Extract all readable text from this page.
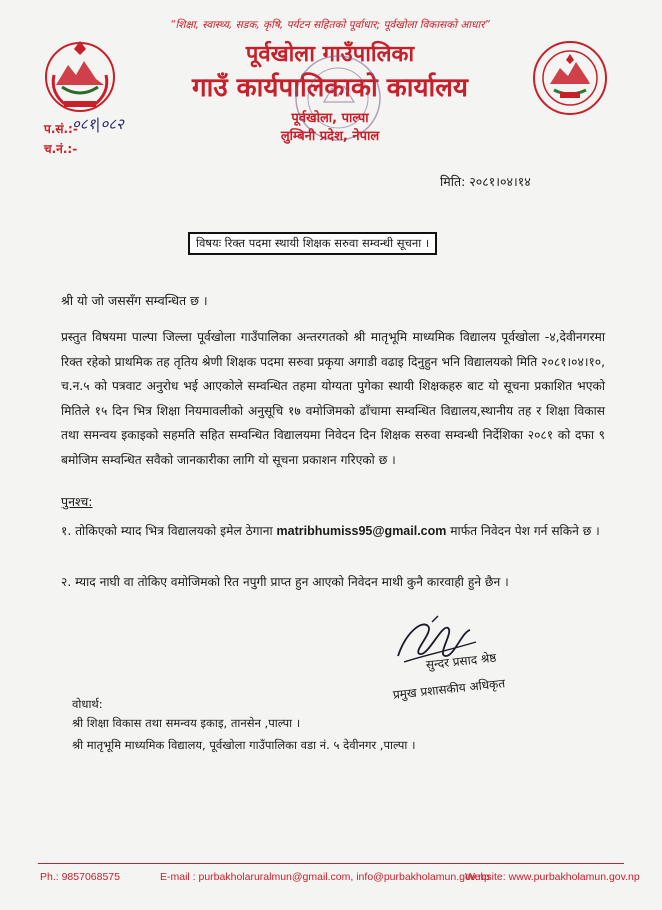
“शिक्षा, स्वास्थ्य, सडक, कृषि, पर्यटन सहितको पूर्वाधार; पूर्वखोला विकासको आधार”
पूर्वखोला गाउँपालिका
गाउँ कार्यपालिकाको कार्यालय
पूर्वखोला, पाल्पा
लुम्बिनी प्रदेश, नेपाल
प.सं.:-
०८१|०८२
च.नं.:-
मिति: २०८१।०४।१४
विषयः रिक्त पदमा स्थायी शिक्षक सरुवा सम्वन्धी सूचना ।
श्री यो जो जससँग सम्वन्धित छ ।
प्रस्तुत विषयमा पाल्पा जिल्ला पूर्वखोला गाउँपालिका अन्तरगतको श्री मातृभूमि माध्यमिक विद्यालय पूर्वखोला -४,देवीनगरमा रिक्त रहेको प्राथमिक तह तृतिय श्रेणी शिक्षक पदमा सरुवा प्रकृया अगाडी वढाइ दिनुहुन भनि विद्यालयको मिति २०८१।०४।१०, च.न.५ को पत्रवाट अनुरोध भई आएकोले सम्वन्धित तहमा योग्यता पुगेका स्थायी शिक्षकहरु बाट यो सूचना प्रकाशित भएको मितिले १५ दिन भित्र शिक्षा नियमावलीको अनुसूचि १७ वमोजिमको ढाँचामा सम्वन्धित विद्यालय,स्थानीय तह र शिक्षा विकास तथा समन्वय इकाइको सहमति सहित सम्वन्धित विद्यालयमा निवेदन दिन शिक्षक सरुवा सम्वन्धी निर्देशिका २०८१ को दफा ९ बमोजिम सम्वन्धित सवैको जानकारीका लागि यो सूचना प्रकाशन गरिएको छ ।
पुनश्च:
१. तोकिएको म्याद भित्र विद्यालयको इमेल ठेगाना matribhumiss95@gmail.com मार्फत निवेदन पेश गर्न सकिने छ ।
२. म्याद नाघी वा तोकिए वमोजिमको रित नपुगी प्राप्त हुन आएको निवेदन माथी कुनै कारवाही हुने छैन ।
सुन्दर प्रसाद श्रेष्ठ
प्रमुख प्रशासकीय अधिकृत
वोधार्थ:
श्री शिक्षा विकास तथा समन्वय इकाइ, तानसेन ,पाल्पा ।
श्री मातृभूमि माध्यमिक विद्यालय, पूर्वखोला गाउँपालिका वडा नं. ५ देवीनगर ,पाल्पा ।
Ph.: 9857068575	E-mail : purbakholaruralmun@gmail.com, info@purbakholamun.gov.np
Website: www.purbakholamun.gov.np
